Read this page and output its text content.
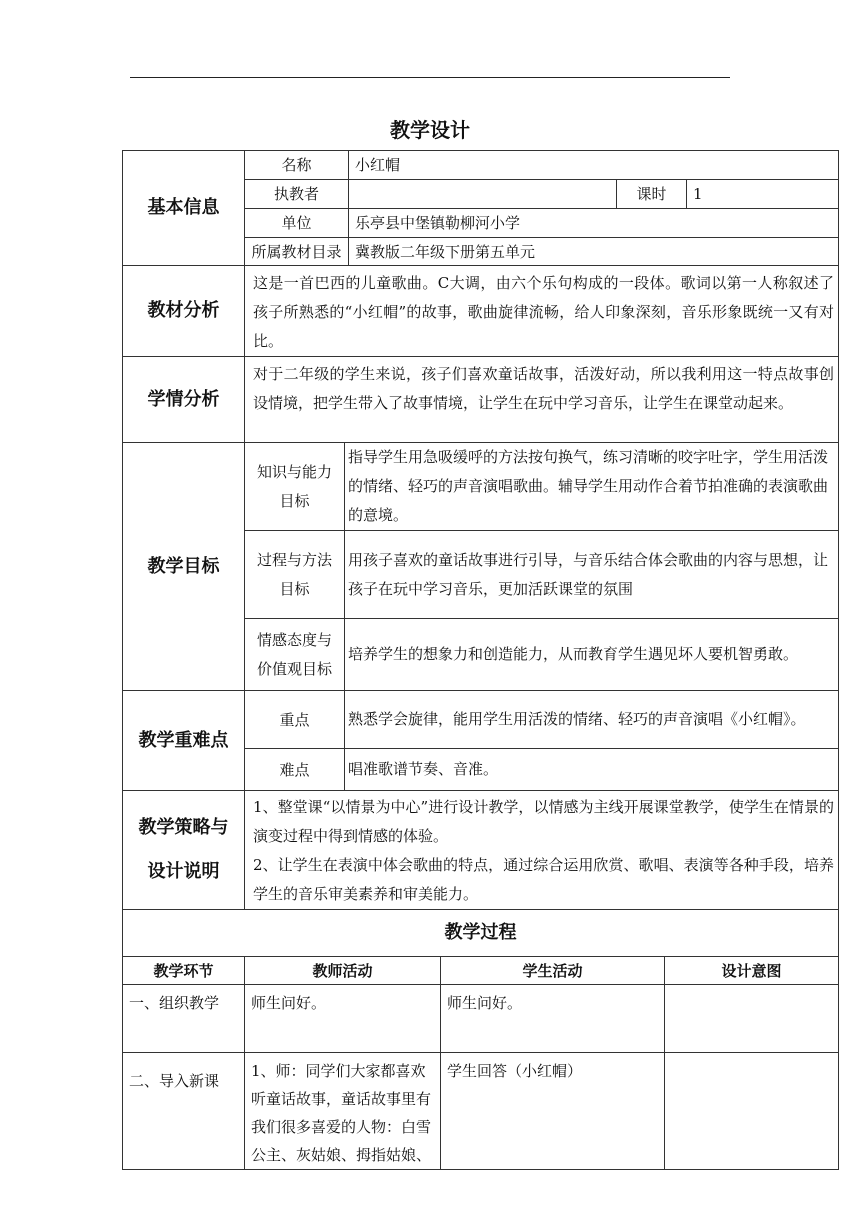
教学设计
基本信息	名称		小红帽				
	执教者				课时		1
	单位		乐亭县中堡镇勒柳河小学				
	所属教材目录		冀教版二年级下册第五单元				
教材分析	这是一首巴西的儿童歌曲。C大调，由六个乐句构成的一段体。歌词以第一人称叙述了孩子所熟悉的“小红帽”的故事，歌曲旋律流畅，给人印象深刻，音乐形象既统一又有对比。						
学情分析	对于二年级的学生来说，孩子们喜欢童话故事，活泼好动，所以我利用这一特点故事创设情境，把学生带入了故事情境，让学生在玩中学习音乐，让学生在课堂动起来。						
教学目标	知识与能力目标	指导学生用急吸缓呼的方法按句换气，练习清晰的咬字吐字，学生用活泼的情绪、轻巧的声音演唱歌曲。辅导学生用动作合着节拍准确的表演歌曲的意境。					
	过程与方法目标	用孩子喜欢的童话故事进行引导，与音乐结合体会歌曲的内容与思想，让孩子在玩中学习音乐，更加活跃课堂的氛围					
	情感态度与价值观目标	培养学生的想象力和创造能力，从而教育学生遇见坏人要机智勇敢。					
教学重难点	重点	熟悉学会旋律，能用学生用活泼的情绪、轻巧的声音演唱《小红帽》。					
	难点	唱准歌谱节奏、音准。					
教学策略与设计说明	1、整堂课“以情景为中心”进行设计教学，以情感为主线开展课堂教学，使学生在情景的演变过程中得到情感的体验。
2、让学生在表演中体会歌曲的特点，通过综合运用欣赏、歌唱、表演等各种手段，培养学生的音乐审美素养和审美能力。						
教学过程							
教学环节	教师活动			学生活动		设计意图	
一、组织教学	师生问好。			师生问好。			
二、导入新课	1、师：同学们大家都喜欢听童话故事，童话故事里有我们很多喜爱的人物：白雪公主、灰姑娘、拇指姑娘、			学生回答（小红帽）			
